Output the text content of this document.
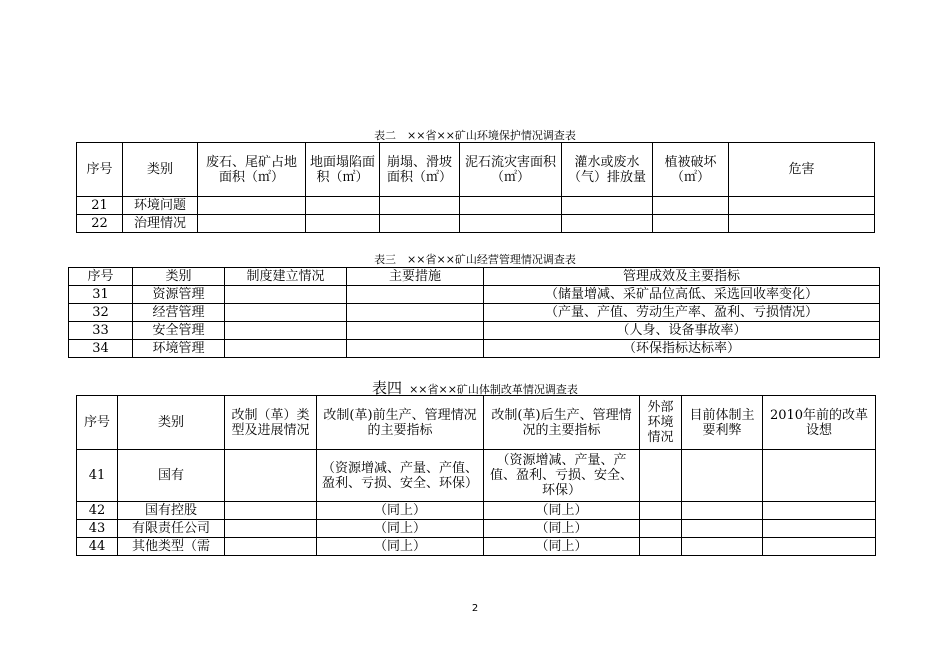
表二　××省××矿山环境保护情况调查表
序号	类别	废石、尾矿占地面积（㎡）	地面塌陷面积（㎡）	崩塌、滑坡面积（㎡）	泥石流灾害面积（㎡）	灌水或废水（气）排放量	植被破坏（㎡）	危害
21	环境问题							
22	治理情况							
表三　××省××矿山经营管理情况调查表
序号	类别	制度建立情况	主要措施	管理成效及主要指标
31	资源管理			（储量增减、采矿品位高低、采选回收率变化）
32	经营管理			（产量、产值、劳动生产率、盈利、亏损情况）
33	安全管理			（人身、设备事故率）
34	环境管理			（环保指标达标率）
表四 ××省××矿山体制改革情况调查表
序号	类别	改制（革）类型及进展情况	改制(革)前生产、管理情况的主要指标	改制(革)后生产、管理情况的主要指标	外部环境情况	目前体制主要利弊	2010年前的改革设想
41	国有		（资源增减、产量、产值、盈利、亏损、安全、环保）	（资源增减、产量、产值、盈利、亏损、安全、环保）			
42	国有控股		（同上）	（同上）			
43	有限责任公司		（同上）	（同上）			
44	其他类型（需		（同上）	（同上）			
2
